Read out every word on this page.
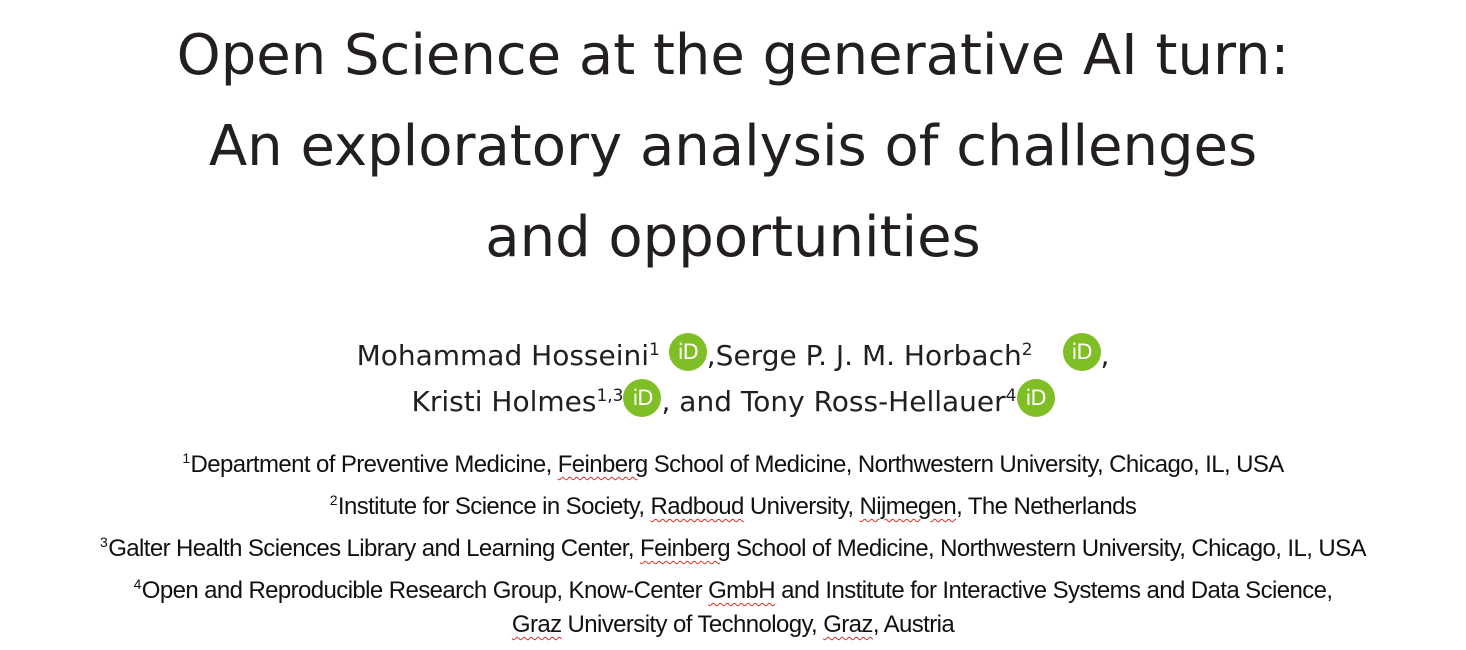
Open Science at the generative AI turn:
An exploratory analysis of challenges
and opportunities
Mohammad Hosseini$^1$ iD ,Serge P. J. M. Horbach$^2$ iD ,
Kristi Holmes$^{1,3}$ iD , and Tony Ross-Hellauer$^4$ iD
$^1$Department of Preventive Medicine, Feinberg School of Medicine, Northwestern University, Chicago, IL, USA
$^2$Institute for Science in Society, Radboud University, Nijmegen, The Netherlands
$^3$Galter Health Sciences Library and Learning Center, Feinberg School of Medicine, Northwestern University, Chicago, IL, USA
$^4$Open and Reproducible Research Group, Know-Center GmbH and Institute for Interactive Systems and Data Science,
Graz University of Technology, Graz, Austria
